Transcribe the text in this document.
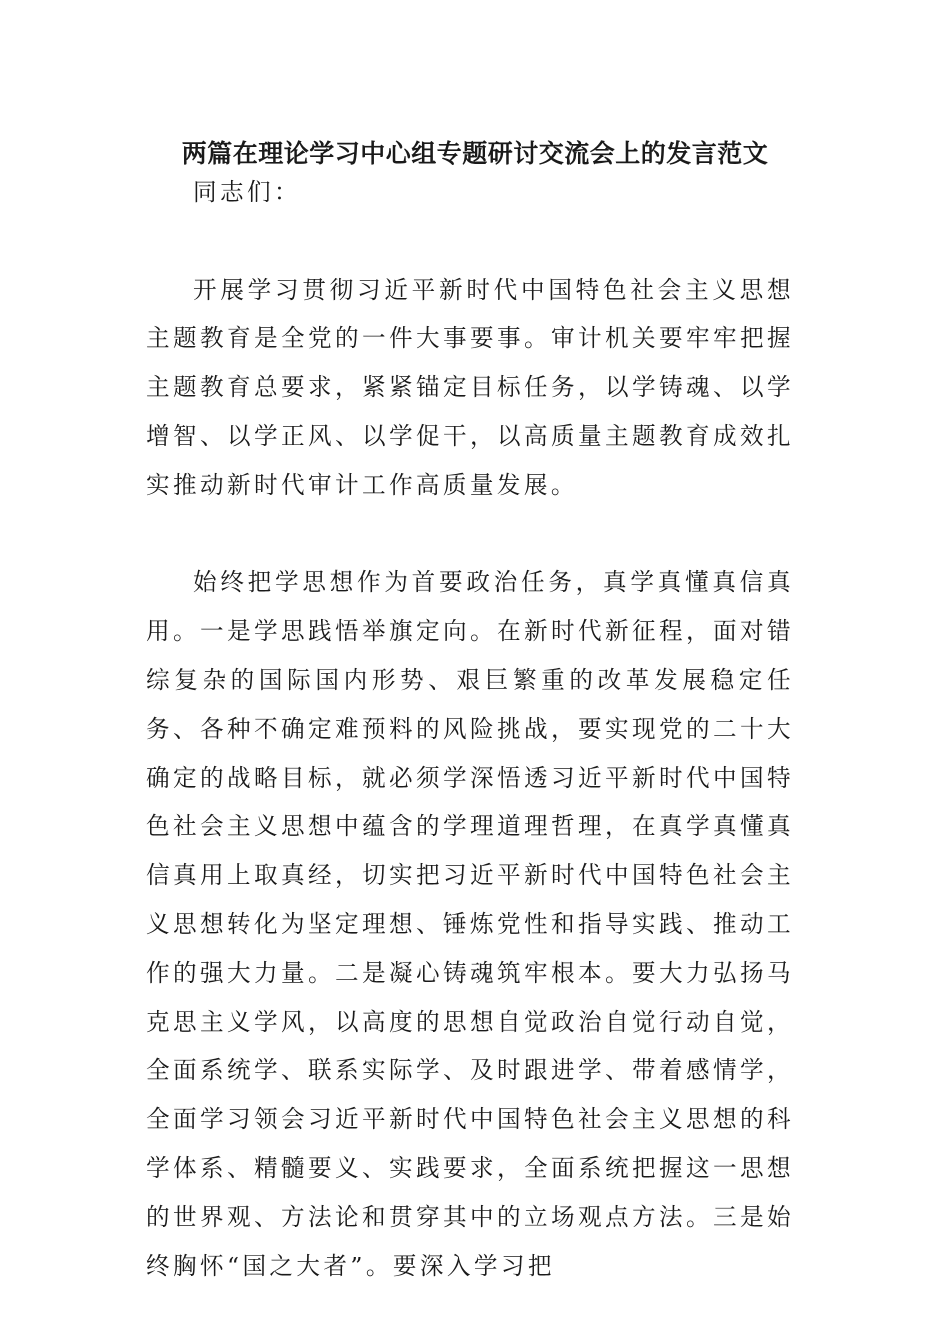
两篇在理论学习中心组专题研讨交流会上的发言范文

同志们：

开展学习贯彻习近平新时代中国特色社会主义思想主题教育是全党的一件大事要事。审计机关要牢牢把握主题教育总要求，紧紧锚定目标任务，以学铸魂、以学增智、以学正风、以学促干，以高质量主题教育成效扎实推动新时代审计工作高质量发展。

始终把学思想作为首要政治任务，真学真懂真信真用。一是学思践悟举旗定向。在新时代新征程，面对错综复杂的国际国内形势、艰巨繁重的改革发展稳定任务、各种不确定难预料的风险挑战，要实现党的二十大确定的战略目标，就必须学深悟透习近平新时代中国特色社会主义思想中蕴含的学理道理哲理，在真学真懂真信真用上取真经，切实把习近平新时代中国特色社会主义思想转化为坚定理想、锤炼党性和指导实践、推动工作的强大力量。二是凝心铸魂筑牢根本。要大力弘扬马克思主义学风，以高度的思想自觉政治自觉行动自觉，全面系统学、联系实际学、及时跟进学、带着感情学，全面学习领会习近平新时代中国特色社会主义思想的科学体系、精髓要义、实践要求，全面系统把握这一思想的世界观、方法论和贯穿其中的立场观点方法。三是始终胸怀“国之大者”。要深入学习把
